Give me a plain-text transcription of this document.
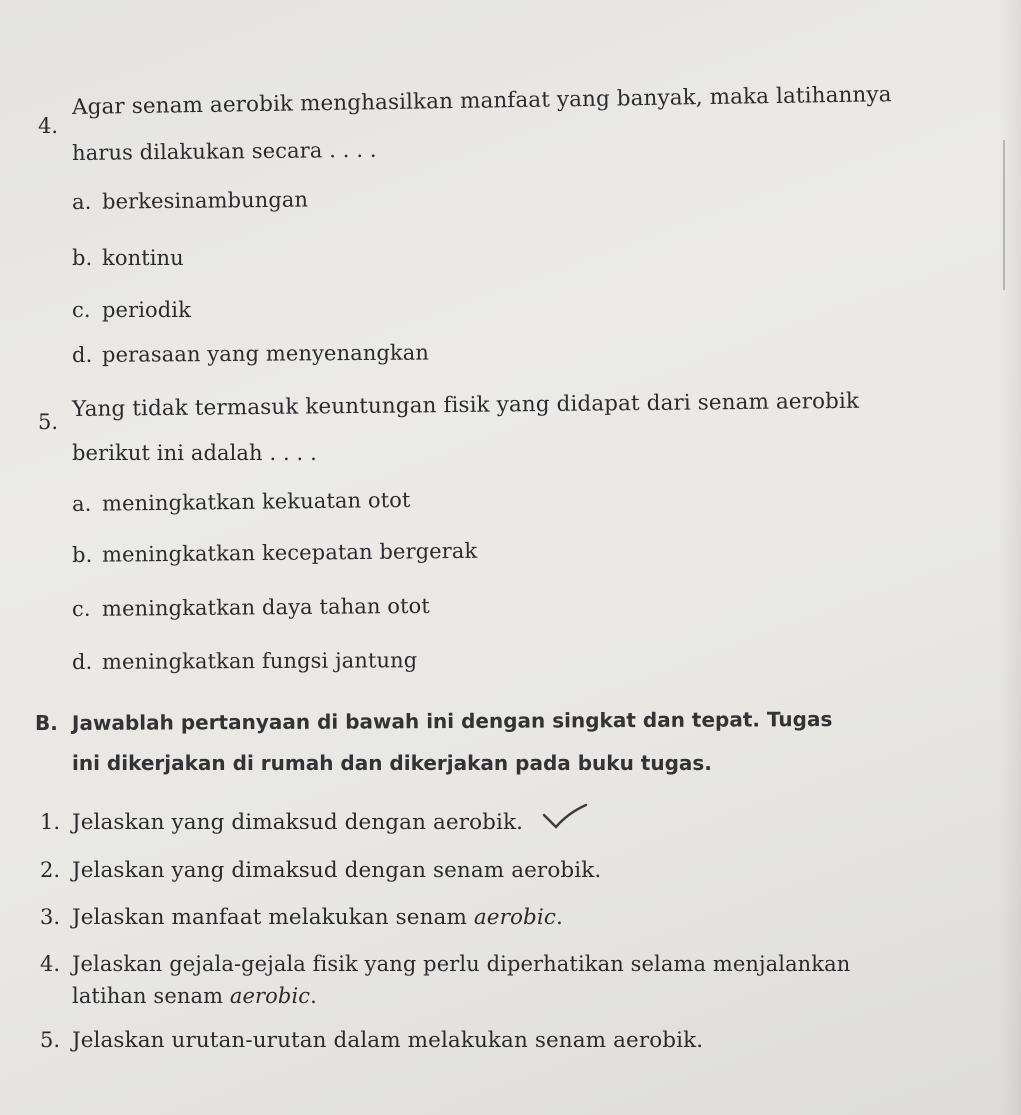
4.
Agar senam aerobik menghasilkan manfaat yang banyak, maka latihannya
harus dilakukan secara . . . .
a. berkesinambungan
b. kontinu
c. periodik
d. perasaan yang menyenangkan
5.
Yang tidak termasuk keuntungan fisik yang didapat dari senam aerobik
berikut ini adalah . . . .
a. meningkatkan kekuatan otot
b. meningkatkan kecepatan bergerak
c. meningkatkan daya tahan otot
d. meningkatkan fungsi jantung
B. Jawablah pertanyaan di bawah ini dengan singkat dan tepat. Tugas
ini dikerjakan di rumah dan dikerjakan pada buku tugas.
1. Jelaskan yang dimaksud dengan aerobik.
2. Jelaskan yang dimaksud dengan senam aerobik.
3. Jelaskan manfaat melakukan senam aerobic.
4. Jelaskan gejala-gejala fisik yang perlu diperhatikan selama menjalankan
latihan senam aerobic.
5. Jelaskan urutan-urutan dalam melakukan senam aerobik.
